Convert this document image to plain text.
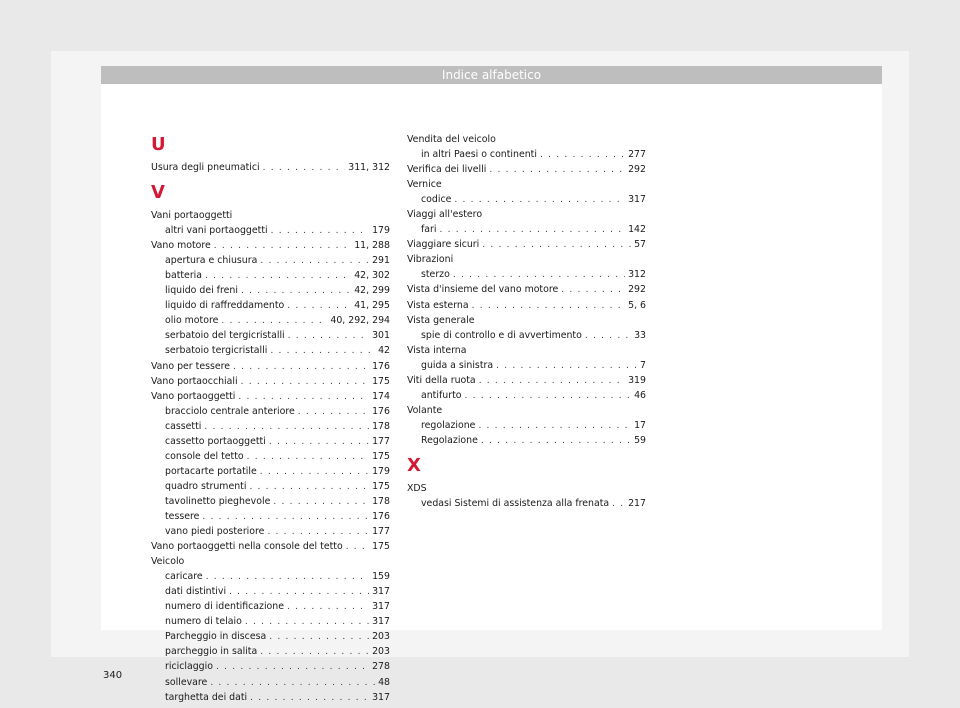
Indice alfabetico
U
Usura degli pneumatici . . .	311, 312
V
Vani portaoggetti
altri vani portaoggetti . . .	179
Vano motore . . .	11, 288
apertura e chiusura . . .	291
batteria . . .	42, 302
liquido dei freni . . .	42, 299
liquido di raffreddamento . . .	41, 295
olio motore . . .	40, 292, 294
serbatoio del tergicristalli . . .	301
serbatoio tergicristalli . . .	42
Vano per tessere . . .	176
Vano portaocchiali . . .	175
Vano portaoggetti . . .	174
bracciolo centrale anteriore . . .	176
cassetti . . .	178
cassetto portaoggetti . . .	177
console del tetto . . .	175
portacarte portatile . . .	179
quadro strumenti . . .	175
tavolinetto pieghevole . . .	178
tessere . . .	176
vano piedi posteriore . . .	177
Vano portaoggetti nella console del tetto . . .	175
Veicolo
caricare . . .	159
dati distintivi . . .	317
numero di identificazione . . .	317
numero di telaio . . .	317
Parcheggio in discesa . . .	203
parcheggio in salita . . .	203
riciclaggio . . .	278
sollevare . . .	48
targhetta dei dati . . .	317
Vendita del veicolo
in altri Paesi o continenti . . .	277
Verifica dei livelli . . .	292
Vernice
codice . . .	317
Viaggi all'estero
fari . . .	142
Viaggiare sicuri . . .	57
Vibrazioni
sterzo . . .	312
Vista d'insieme del vano motore . . .	292
Vista esterna . . .	5, 6
Vista generale
spie di controllo e di avvertimento . . .	33
Vista interna
guida a sinistra . . .	7
Viti della ruota . . .	319
antifurto . . .	46
Volante
regolazione . . .	17
Regolazione . . .	59
X
XDS
vedasi Sistemi di assistenza alla frenata . . . 217
340
